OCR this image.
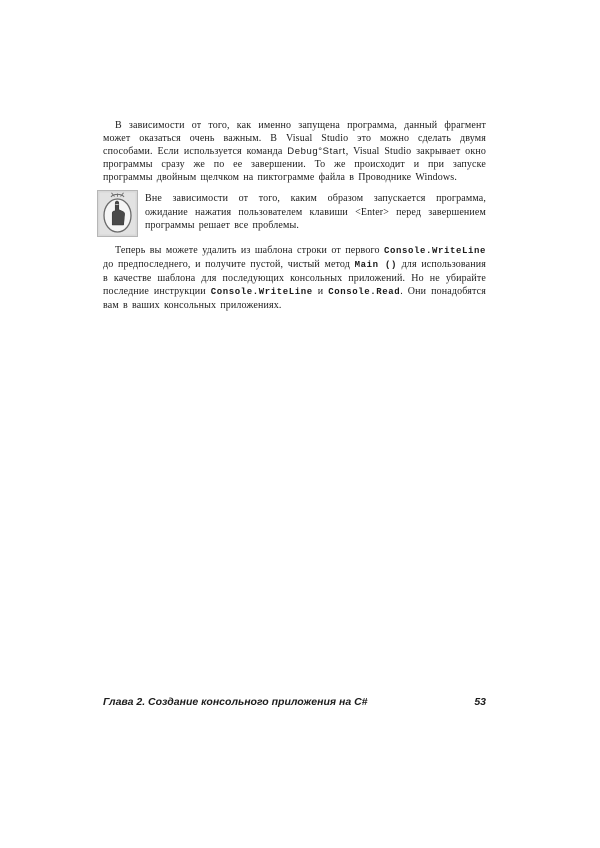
В зависимости от того, как именно запущена программа, данный фрагмент может оказаться очень важным. В Visual Studio это можно сделать двумя способами. Если используется команда Debug°Start, Visual Studio закрывает окно программы сразу же по ее завершении. То же происходит и при запуске программы двойным щелчком на пиктограмме файла в Проводнике Windows.

Вне зависимости от того, каким образом запускается программа, ожидание нажатия пользователем клавиши <Enter> перед завершением программы решает все проблемы.

Теперь вы можете удалить из шаблона строки от первого Console.WriteLine до предпоследнего, и получите пустой, чистый метод Main () для использования в качестве шаблона для последующих консольных приложений. Но не убирайте последние инструкции Console.WriteLine и Console.Read. Они понадобятся вам в ваших консольных приложениях.

Глава 2. Создание консольного приложения на C#	53
